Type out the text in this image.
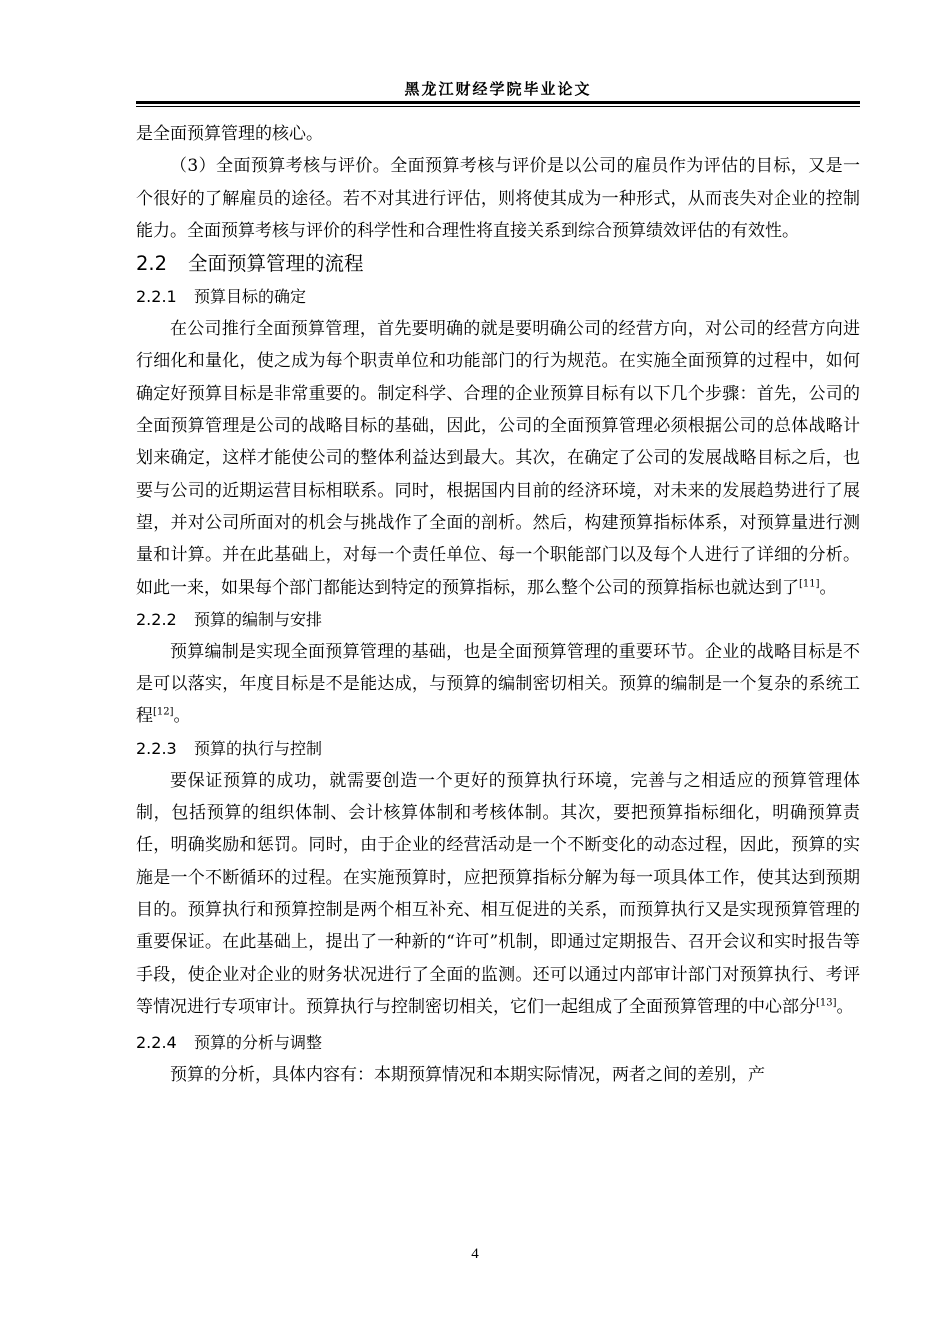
黑龙江财经学院毕业论文

是全面预算管理的核心。

（3）全面预算考核与评价。全面预算考核与评价是以公司的雇员作为评估的目标，又是一个很好的了解雇员的途径。若不对其进行评估，则将使其成为一种形式，从而丧失对企业的控制能力。全面预算考核与评价的科学性和合理性将直接关系到综合预算绩效评估的有效性。

2.2 全面预算管理的流程

2.2.1 预算目标的确定

在公司推行全面预算管理，首先要明确的就是要明确公司的经营方向，对公司的经营方向进行细化和量化，使之成为每个职责单位和功能部门的行为规范。在实施全面预算的过程中，如何确定好预算目标是非常重要的。制定科学、合理的企业预算目标有以下几个步骤：首先，公司的全面预算管理是公司的战略目标的基础，因此，公司的全面预算管理必须根据公司的总体战略计划来确定，这样才能使公司的整体利益达到最大。其次，在确定了公司的发展战略目标之后，也要与公司的近期运营目标相联系。同时，根据国内目前的经济环境，对未来的发展趋势进行了展望，并对公司所面对的机会与挑战作了全面的剖析。然后，构建预算指标体系，对预算量进行测量和计算。并在此基础上，对每一个责任单位、每一个职能部门以及每个人进行了详细的分析。如此一来，如果每个部门都能达到特定的预算指标，那么整个公司的预算指标也就达到了[11]。

2.2.2 预算的编制与安排

预算编制是实现全面预算管理的基础，也是全面预算管理的重要环节。企业的战略目标是不是可以落实，年度目标是不是能达成，与预算的编制密切相关。预算的编制是一个复杂的系统工程[12]。

2.2.3 预算的执行与控制

要保证预算的成功，就需要创造一个更好的预算执行环境，完善与之相适应的预算管理体制，包括预算的组织体制、会计核算体制和考核体制。其次，要把预算指标细化，明确预算责任，明确奖励和惩罚。同时，由于企业的经营活动是一个不断变化的动态过程，因此，预算的实施是一个不断循环的过程。在实施预算时，应把预算指标分解为每一项具体工作，使其达到预期目的。预算执行和预算控制是两个相互补充、相互促进的关系，而预算执行又是实现预算管理的重要保证。在此基础上，提出了一种新的“许可”机制，即通过定期报告、召开会议和实时报告等手段，使企业对企业的财务状况进行了全面的监测。还可以通过内部审计部门对预算执行、考评等情况进行专项审计。预算执行与控制密切相关，它们一起组成了全面预算管理的中心部分[13]。

2.2.4 预算的分析与调整

预算的分析，具体内容有：本期预算情况和本期实际情况，两者之间的差别，产

4
